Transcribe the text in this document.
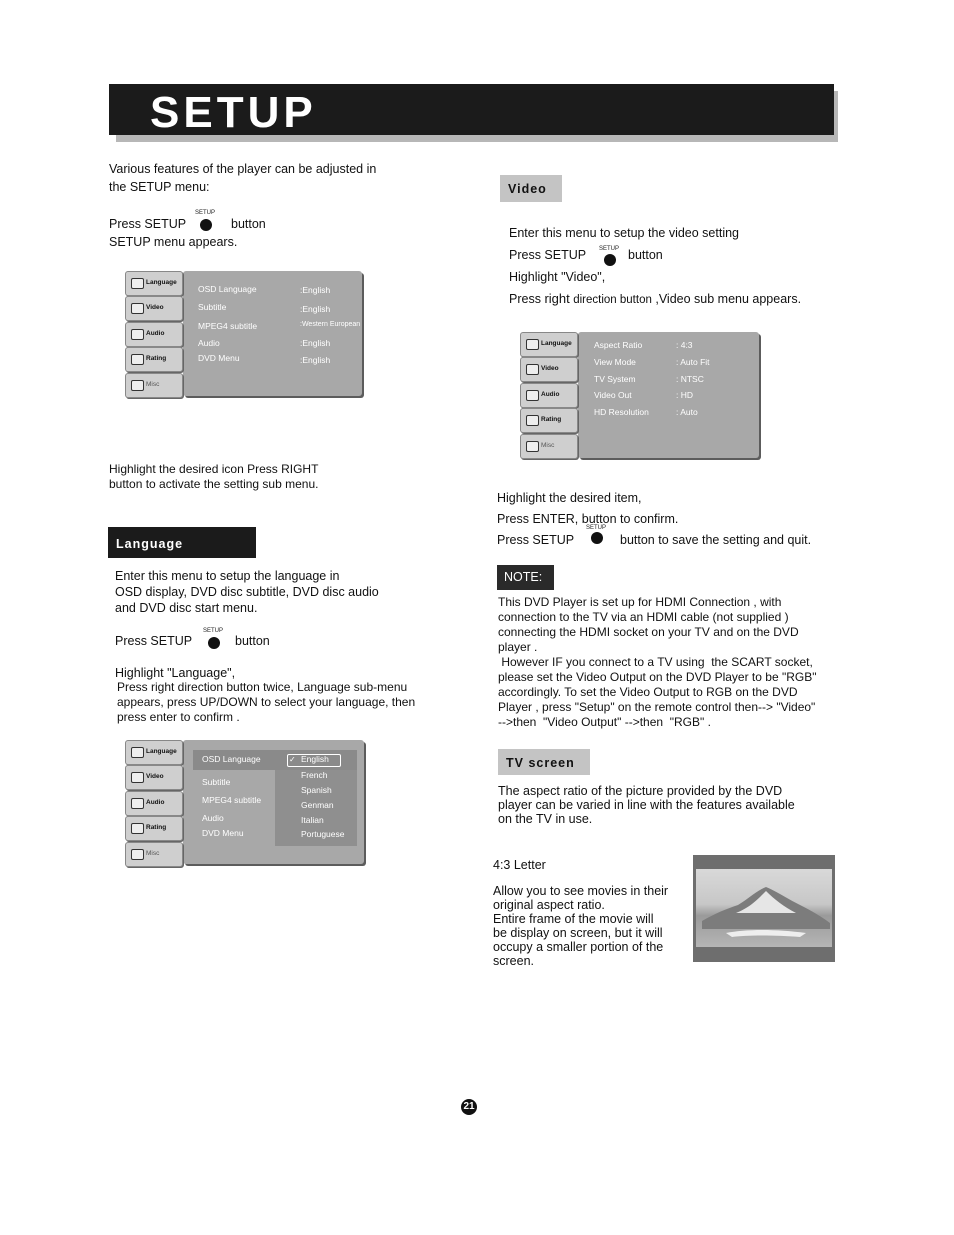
SETUP
Various features of the player can be adjusted in
the SETUP menu:
Press SETUP
SETUP
button
SETUP menu appears.
Language
Video
Audio
Rating
Misc
OSD Language	:English
Subtitle	:English
MPEG4 subtitle	:Western European
Audio	:English
DVD Menu	:English
Highlight the desired icon Press RIGHT
button to activate the setting sub menu.
Language
Enter this menu to setup the language in
OSD display, DVD disc subtitle, DVD disc audio
and DVD disc start menu.
Press SETUP
SETUP
button
Highlight "Language",
Press right direction button twice, Language sub-menu
appears, press UP/DOWN to select your language, then
press enter to confirm .
Language
Video
Audio
Rating
Misc
OSD Language
Subtitle
MPEG4 subtitle
Audio
DVD Menu
✓ English
French
Spanish
Genman
Italian
Portuguese
Video
Enter this menu to setup the video setting
Press SETUP SETUP button
Highlight "Video",
Press right direction button ,Video sub menu appears.
Language
Video
Audio
Rating
Misc
Aspect Ratio	: 4:3
View Mode	: Auto Fit
TV System	: NTSC
Video Out	: HD
HD Resolution	: Auto
Highlight the desired item,
Press ENTER, button to confirm.
Press SETUP
SETUP
button to save the setting and quit.
NOTE:
This DVD Player is set up for HDMI Connection , with
connection to the TV via an HDMI cable (not supplied )
connecting the HDMI socket on your TV and on the DVD
player .
However IF you connect to a TV using  the SCART socket,
please set the Video Output on the DVD Player to be "RGB"
accordingly. To set the Video Output to RGB on the DVD
Player , press "Setup" on the remote control then--> "Video"
-->then  "Video Output" -->then  "RGB" .
TV screen
The aspect ratio of the picture provided by the DVD
player can be varied in line with the features available
on the TV in use.
4:3 Letter
Allow you to see movies in their
original aspect ratio.
Entire frame of the movie will
be display on screen, but it will
occupy a smaller portion of the
screen.
21
